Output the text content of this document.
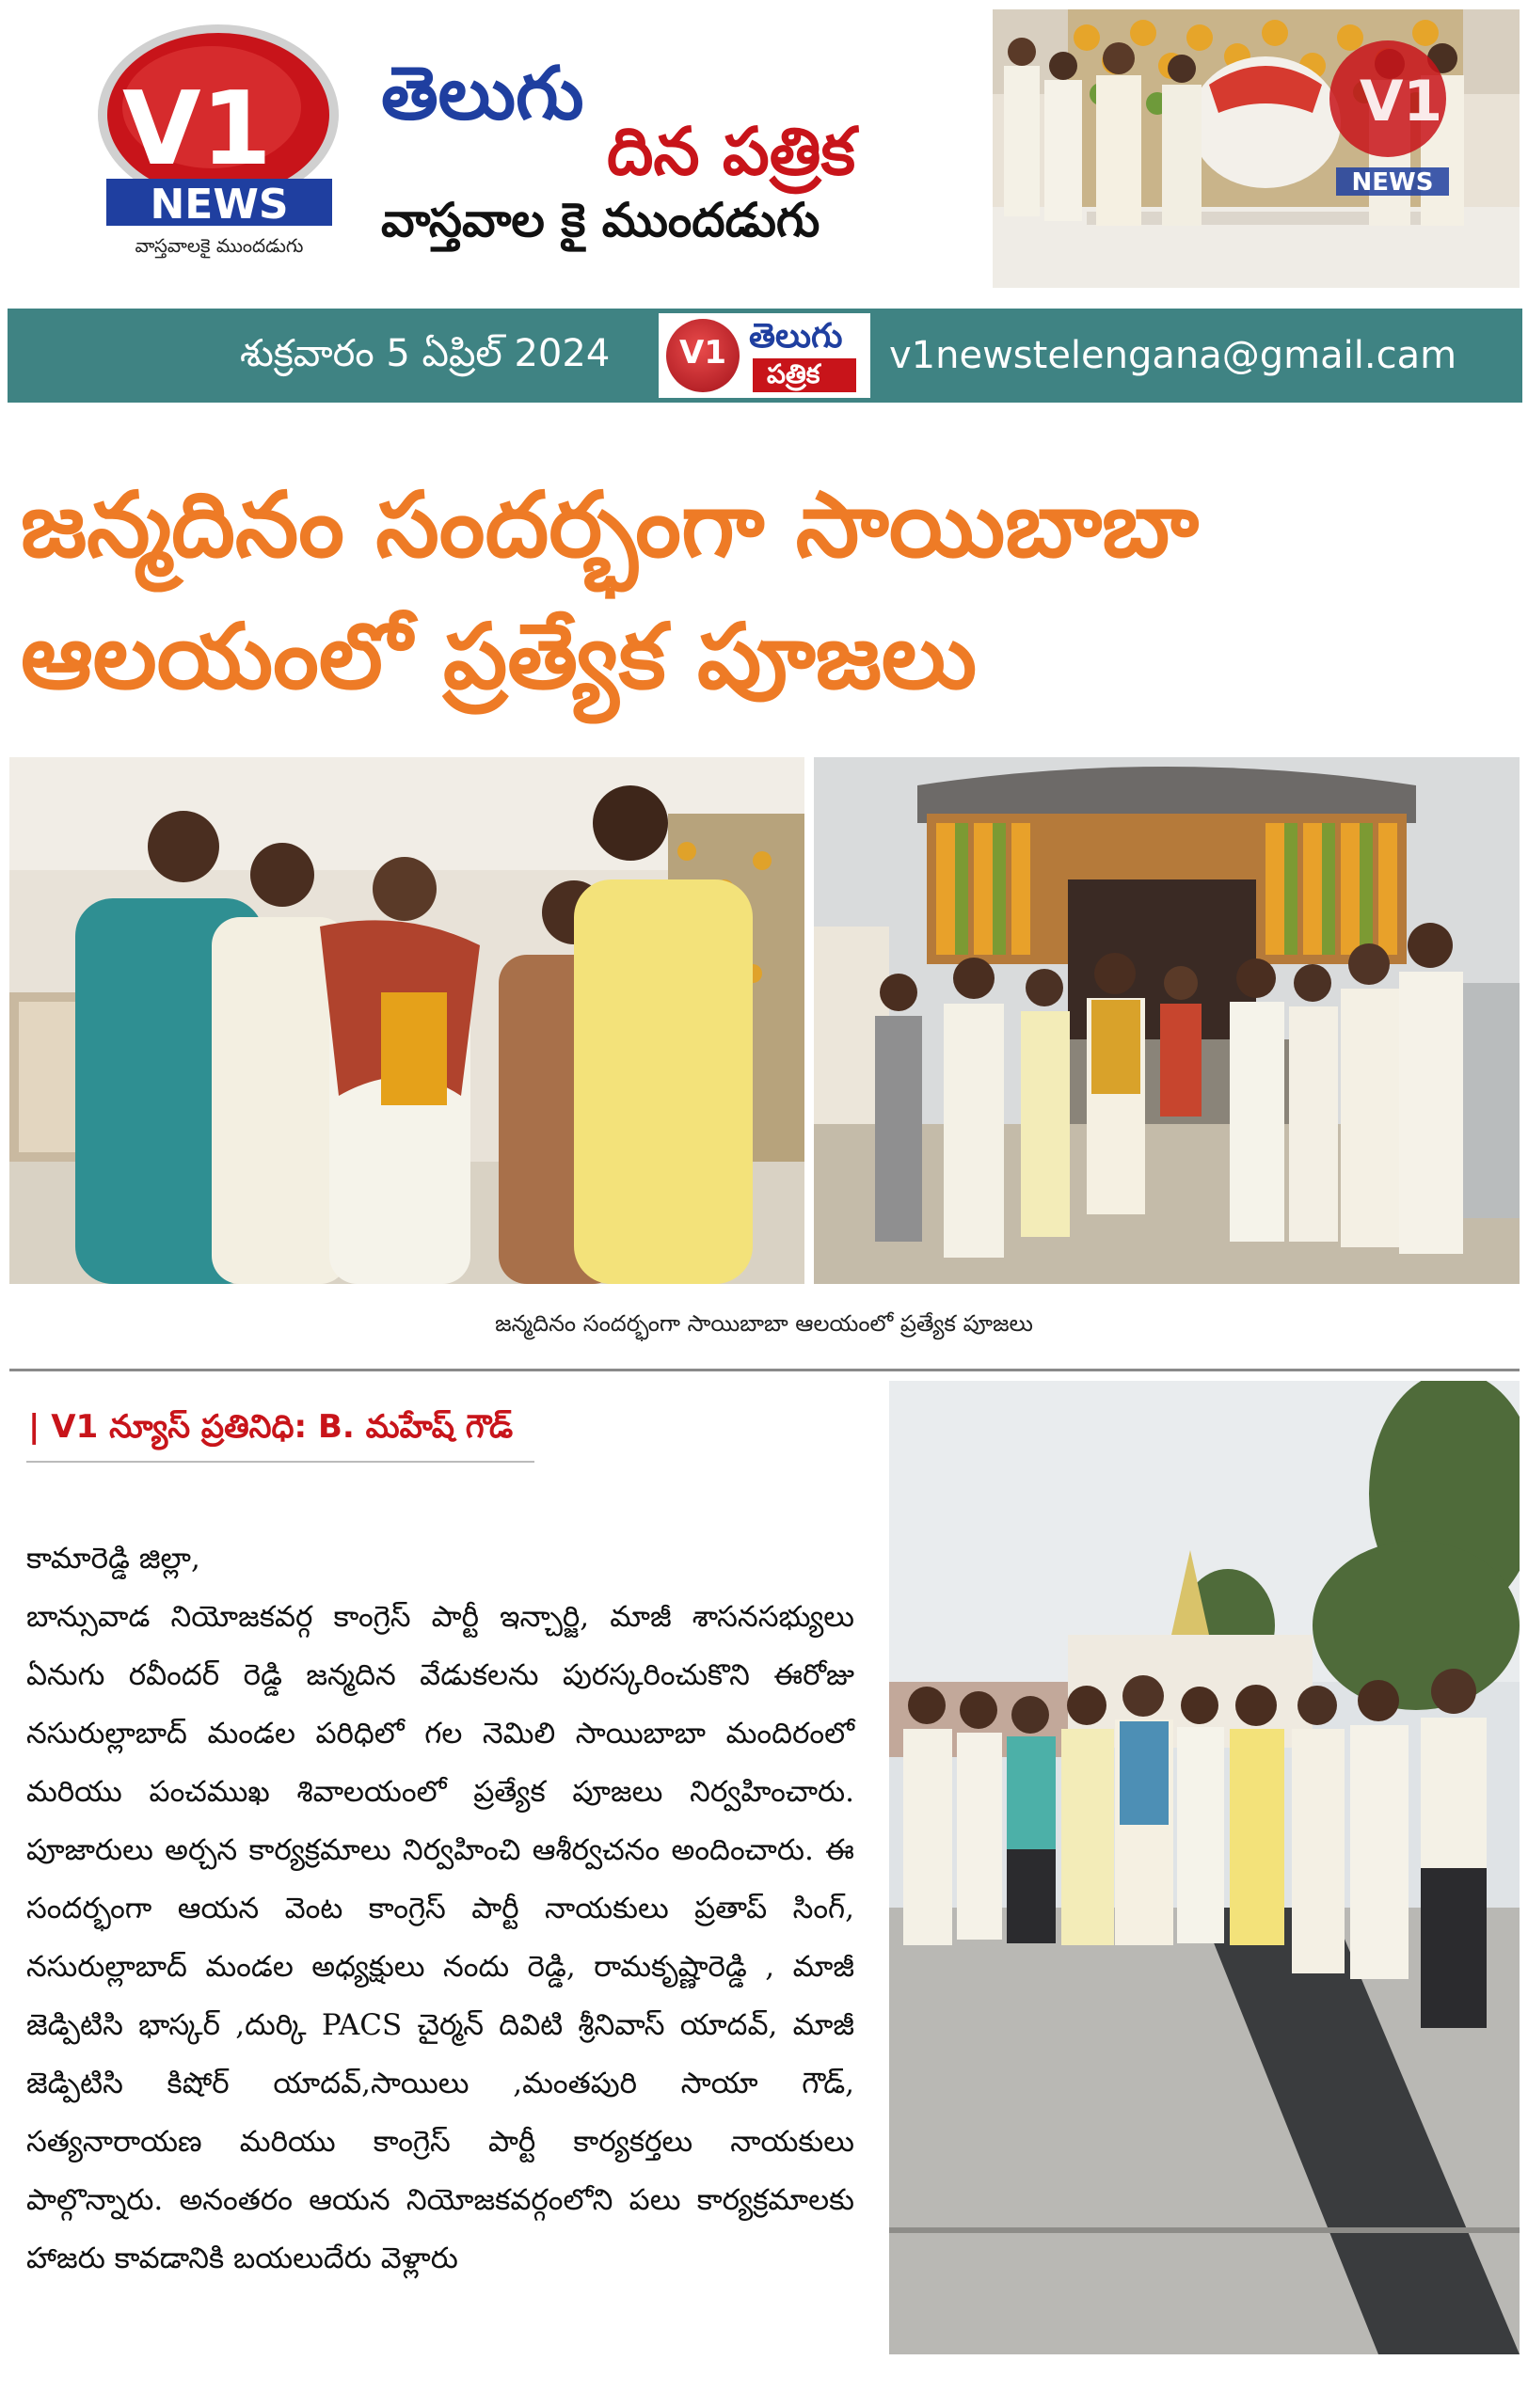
V1
NEWS
వాస్తవాలకై ముందడుగు
తెలుగు
దిన పత్రిక
వాస్తవాల కై ముందడుగు
V1
NEWS
శుక్రవారం 5 ఏప్రిల్ 2024 V1 తెలుగు
పత్రిక v1newstelengana@gmail.cam
జన్మదినం సందర్భంగా సాయిబాబా ఆలయంలో ప్రత్యేక పూజలు
జన్మదినం సందర్భంగా సాయిబాబా ఆలయంలో ప్రత్యేక పూజలు
| V1 న్యూస్ ప్రతినిధి: B. మహేష్ గౌడ్
కామారెడ్డి జిల్లా,
బాన్సువాడ నియోజకవర్గ కాంగ్రెస్ పార్టీ ఇన్చార్జి, మాజీ శాసనసభ్యులు ఏనుగు రవీందర్ రెడ్డి జన్మదిన వేడుకలను పురస్కరించుకొని ఈరోజు నసురుల్లాబాద్ మండల పరిధిలో గల నెమిలి సాయిబాబా మందిరంలో మరియు పంచముఖ శివాలయంలో ప్రత్యేక పూజలు నిర్వహించారు. పూజారులు అర్చన కార్యక్రమాలు నిర్వహించి ఆశీర్వచనం అందించారు. ఈ సందర్భంగా ఆయన వెంట కాంగ్రెస్ పార్టీ నాయకులు ప్రతాప్ సింగ్, నసురుల్లాబాద్ మండల అధ్యక్షులు నందు రెడ్డి, రామకృష్ణారెడ్డి , మాజీ జెడ్పిటిసి భాస్కర్ ,దుర్కి PACS చైర్మన్ దివిటి శ్రీనివాస్ యాదవ్, మాజీ జెడ్పిటిసి కిషోర్ యాదవ్,సాయిలు ,మంతపురి సాయా గౌడ్, సత్యనారాయణ మరియు కాంగ్రెస్ పార్టీ కార్యకర్తలు నాయకులు పాల్గొన్నారు. అనంతరం ఆయన నియోజకవర్గంలోని పలు కార్యక్రమాలకు హాజరు కావడానికి బయలుదేరు వెళ్లారు
